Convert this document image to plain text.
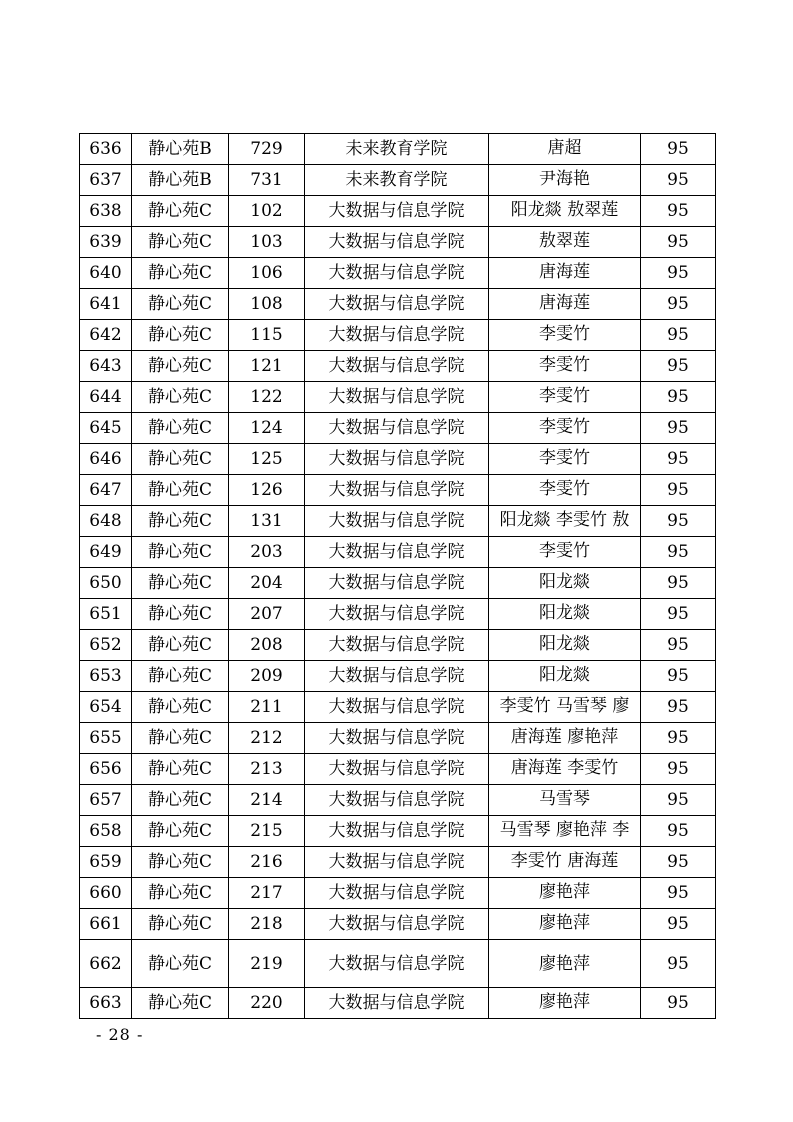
636	静心苑B	729	未来教育学院	唐超	95
637	静心苑B	731	未来教育学院	尹海艳	95
638	静心苑C	102	大数据与信息学院	阳龙燚 敖翠莲	95
639	静心苑C	103	大数据与信息学院	敖翠莲	95
640	静心苑C	106	大数据与信息学院	唐海莲	95
641	静心苑C	108	大数据与信息学院	唐海莲	95
642	静心苑C	115	大数据与信息学院	李雯竹	95
643	静心苑C	121	大数据与信息学院	李雯竹	95
644	静心苑C	122	大数据与信息学院	李雯竹	95
645	静心苑C	124	大数据与信息学院	李雯竹	95
646	静心苑C	125	大数据与信息学院	李雯竹	95
647	静心苑C	126	大数据与信息学院	李雯竹	95
648	静心苑C	131	大数据与信息学院	阳龙燚 李雯竹 敖	95
649	静心苑C	203	大数据与信息学院	李雯竹	95
650	静心苑C	204	大数据与信息学院	阳龙燚	95
651	静心苑C	207	大数据与信息学院	阳龙燚	95
652	静心苑C	208	大数据与信息学院	阳龙燚	95
653	静心苑C	209	大数据与信息学院	阳龙燚	95
654	静心苑C	211	大数据与信息学院	李雯竹 马雪琴 廖	95
655	静心苑C	212	大数据与信息学院	唐海莲 廖艳萍	95
656	静心苑C	213	大数据与信息学院	唐海莲 李雯竹	95
657	静心苑C	214	大数据与信息学院	马雪琴	95
658	静心苑C	215	大数据与信息学院	马雪琴 廖艳萍 李	95
659	静心苑C	216	大数据与信息学院	李雯竹 唐海莲	95
660	静心苑C	217	大数据与信息学院	廖艳萍	95
661	静心苑C	218	大数据与信息学院	廖艳萍	95
662	静心苑C	219	大数据与信息学院	廖艳萍	95
663	静心苑C	220	大数据与信息学院	廖艳萍	95
- 28 -
